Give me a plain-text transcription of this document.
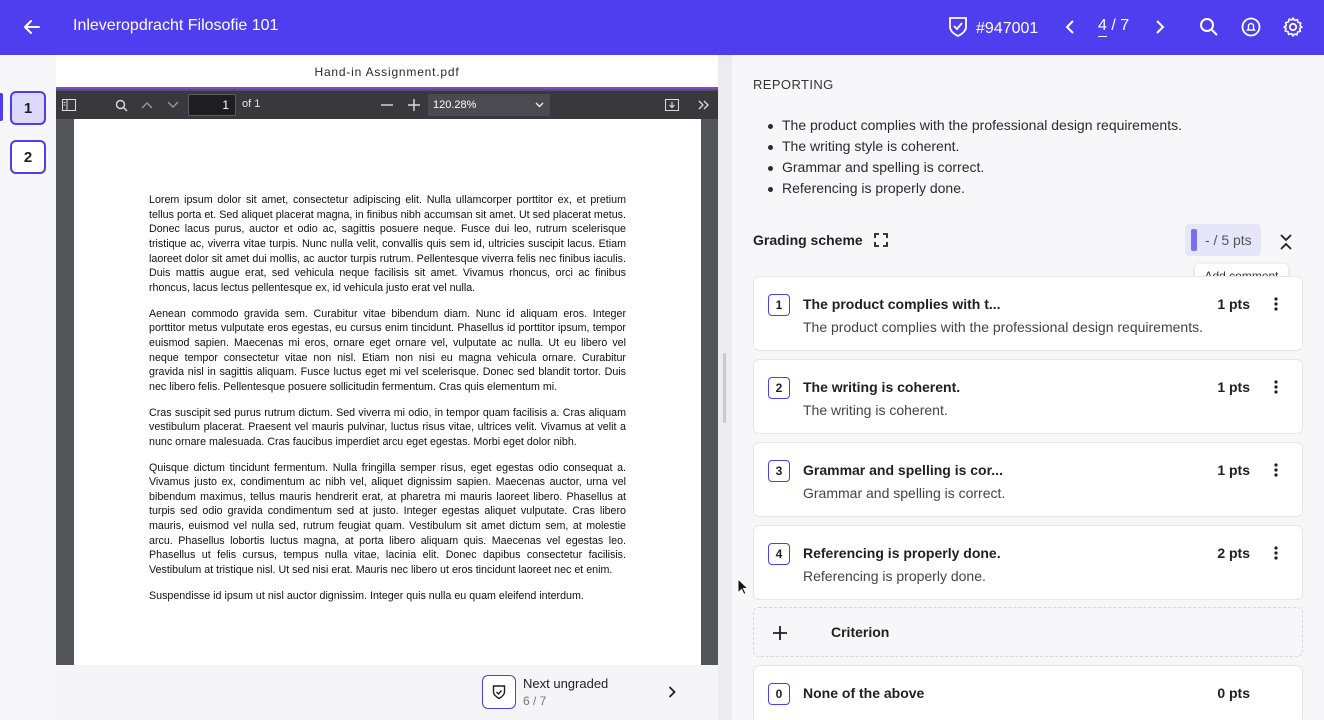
Inleveropdracht Filosofie 101	#947001	4 / 7
1
2
Hand-in Assignment.pdf
1	of 1	120.28%

Lorem ipsum dolor sit amet, consectetur adipiscing elit. Nulla ullamcorper porttitor ex, et pretium tellus porta et. Sed aliquet placerat magna, in finibus nibh accumsan sit amet. Ut sed placerat metus. Donec lacus purus, auctor et odio ac, sagittis posuere neque. Fusce dui leo, rutrum scelerisque tristique ac, viverra vitae turpis. Nunc nulla velit, convallis quis sem id, ultricies suscipit lacus. Etiam laoreet dolor sit amet dui mollis, ac auctor turpis rutrum. Pellentesque viverra felis nec finibus iaculis. Duis mattis augue erat, sed vehicula neque facilisis sit amet. Vivamus rhoncus, orci ac finibus rhoncus, lacus lectus pellentesque ex, id vehicula justo erat vel nulla.

Aenean commodo gravida sem. Curabitur vitae bibendum diam. Nunc id aliquam eros. Integer porttitor metus vulputate eros egestas, eu cursus enim tincidunt. Phasellus id porttitor ipsum, tempor euismod sapien. Maecenas mi eros, ornare eget ornare vel, vulputate ac nulla. Ut eu libero vel neque tempor consectetur vitae non nisl. Etiam non nisi eu magna vehicula ornare. Curabitur gravida nisl in sagittis aliquam. Fusce luctus eget mi vel scelerisque. Donec sed blandit tortor. Duis nec libero felis. Pellentesque posuere sollicitudin fermentum. Cras quis elementum mi.

Cras suscipit sed purus rutrum dictum. Sed viverra mi odio, in tempor quam facilisis a. Cras aliquam vestibulum placerat. Praesent vel mauris pulvinar, luctus risus vitae, ultrices velit. Vivamus at velit a nunc ornare malesuada. Cras faucibus imperdiet arcu eget egestas. Morbi eget dolor nibh.

Quisque dictum tincidunt fermentum. Nulla fringilla semper risus, eget egestas odio consequat a. Vivamus justo ex, condimentum ac nibh vel, aliquet dignissim sapien. Maecenas auctor, urna vel bibendum maximus, tellus mauris hendrerit erat, at pharetra mi mauris laoreet libero. Phasellus at turpis sed odio gravida condimentum sed at justo. Integer egestas aliquet vulputate. Cras libero mauris, euismod vel nulla sed, rutrum feugiat quam. Vestibulum sit amet dictum sem, at molestie arcu. Phasellus lobortis luctus magna, at porta libero aliquam quis. Maecenas vel egestas leo. Phasellus ut felis cursus, tempus nulla vitae, lacinia elit. Donec dapibus consectetur facilisis. Vestibulum at tristique nisl. Ut sed nisi erat. Mauris nec libero ut eros tincidunt laoreet nec et enim.

Suspendisse id ipsum ut nisl auctor dignissim. Integer quis nulla eu quam eleifend interdum.

Next ungraded
6 / 7
REPORTING
The product complies with the professional design requirements.
The writing style is coherent.
Grammar and spelling is correct.
Referencing is properly done.
Grading scheme	- / 5 pts
1	The product complies with t...
The product complies with the professional design requirements.
1 pts
2	The writing is coherent.
The writing is coherent.
1 pts
3	Grammar and spelling is cor...
Grammar and spelling is correct.
1 pts
4	Referencing is properly done.
Referencing is properly done.
2 pts
Criterion
0	None of the above	0 pts
